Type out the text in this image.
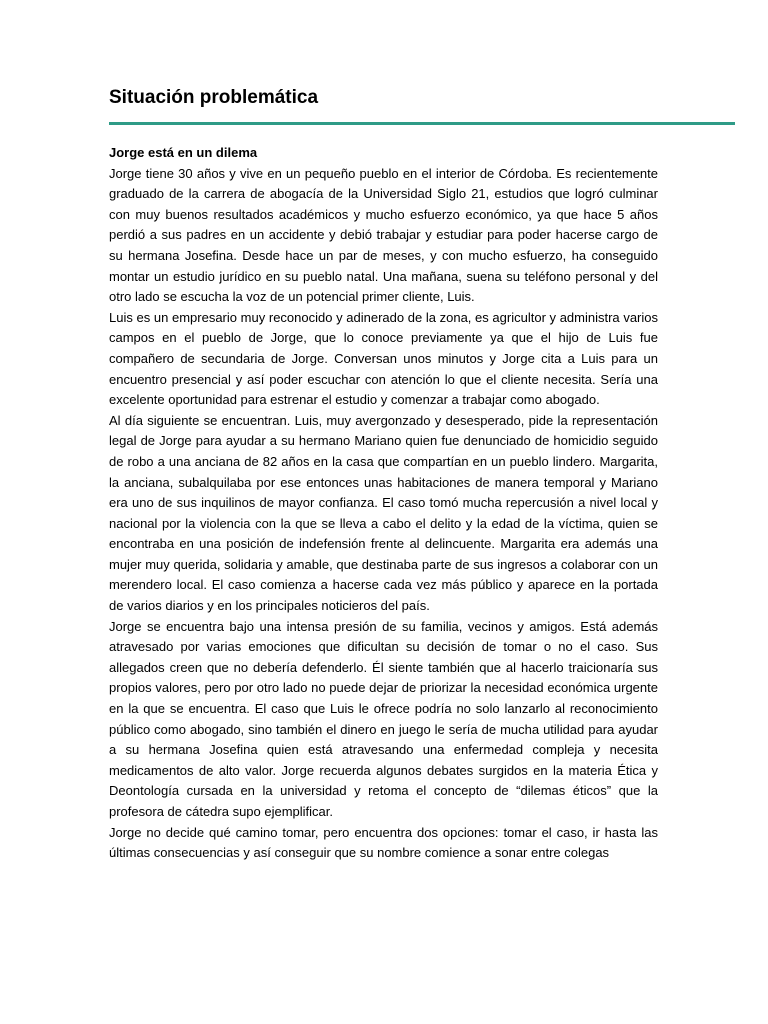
Situación problemática

Jorge está en un dilema

Jorge tiene 30 años y vive en un pequeño pueblo en el interior de Córdoba. Es recientemente graduado de la carrera de abogacía de la Universidad Siglo 21, estudios que logró culminar con muy buenos resultados académicos y mucho esfuerzo económico, ya que hace 5 años perdió a sus padres en un accidente y debió trabajar y estudiar para poder hacerse cargo de su hermana Josefina. Desde hace un par de meses, y con mucho esfuerzo, ha conseguido montar un estudio jurídico en su pueblo natal. Una mañana, suena su teléfono personal y del otro lado se escucha la voz de un potencial primer cliente, Luis.

Luis es un empresario muy reconocido y adinerado de la zona, es agricultor y administra varios campos en el pueblo de Jorge, que lo conoce previamente ya que el hijo de Luis fue compañero de secundaria de Jorge. Conversan unos minutos y Jorge cita a Luis para un encuentro presencial y así poder escuchar con atención lo que el cliente necesita. Sería una excelente oportunidad para estrenar el estudio y comenzar a trabajar como abogado.

Al día siguiente se encuentran. Luis, muy avergonzado y desesperado, pide la representación legal de Jorge para ayudar a su hermano Mariano quien fue denunciado de homicidio seguido de robo a una anciana de 82 años en la casa que compartían en un pueblo lindero. Margarita, la anciana, subalquilaba por ese entonces unas habitaciones de manera temporal y Mariano era uno de sus inquilinos de mayor confianza. El caso tomó mucha repercusión a nivel local y nacional por la violencia con la que se lleva a cabo el delito y la edad de la víctima, quien se encontraba en una posición de indefensión frente al delincuente. Margarita era además una mujer muy querida, solidaria y amable, que destinaba parte de sus ingresos a colaborar con un merendero local. El caso comienza a hacerse cada vez más público y aparece en la portada de varios diarios y en los principales noticieros del país.

Jorge se encuentra bajo una intensa presión de su familia, vecinos y amigos. Está además atravesado por varias emociones que dificultan su decisión de tomar o no el caso. Sus allegados creen que no debería defenderlo. Él siente también que al hacerlo traicionaría sus propios valores, pero por otro lado no puede dejar de priorizar la necesidad económica urgente en la que se encuentra. El caso que Luis le ofrece podría no solo lanzarlo al reconocimiento público como abogado, sino también el dinero en juego le sería de mucha utilidad para ayudar a su hermana Josefina quien está atravesando una enfermedad compleja y necesita medicamentos de alto valor. Jorge recuerda algunos debates surgidos en la materia Ética y Deontología cursada en la universidad y retoma el concepto de “dilemas éticos” que la profesora de cátedra supo ejemplificar.

Jorge no decide qué camino tomar, pero encuentra dos opciones: tomar el caso, ir hasta las últimas consecuencias y así conseguir que su nombre comience a sonar entre colegas
